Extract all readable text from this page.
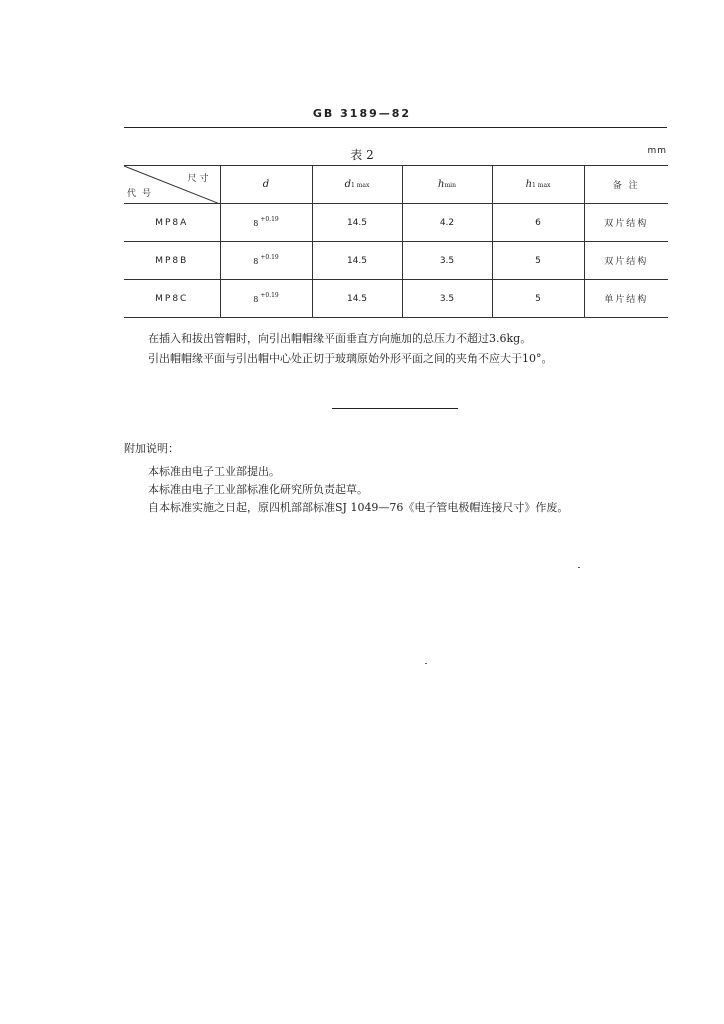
GB 3189—82
表 2	mm
尺寸
代号	d	d1 max	hmin	h1 max	备 注
MP8A	8 $^{+0.19}$	14.5	4.2	6	双片结构
MP8B	8 $^{+0.19}$	14.5	3.5	5	双片结构
MP8C	8 $^{+0.19}$	14.5	3.5	5	单片结构
在插入和拔出管帽时，向引出帽帽缘平面垂直方向施加的总压力不超过3.6kg。
引出帽帽缘平面与引出帽中心处正切于玻璃原始外形平面之间的夹角不应大于10°。
附加说明：
本标准由电子工业部提出。
本标准由电子工业部标准化研究所负责起草。
自本标准实施之日起，原四机部部标准SJ 1049—76《电子管电极帽连接尺寸》作废。
